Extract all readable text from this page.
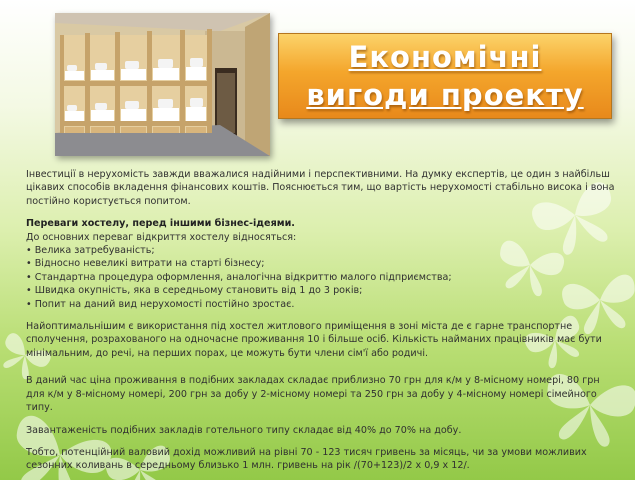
Економічні
вигоди проекту

Інвестиції в нерухомість завжди вважалися надійними і перспективними. На думку експертів, це один з найбільш цікавих способів вкладення фінансових коштів. Пояснюється тим, що вартість нерухомості стабільно висока і вона постійно користується попитом.

Переваги хостелу, перед іншими бізнес-ідеями.

До основних переваг відкриття хостелу відносяться:

• Велика затребуваність;

• Відносно невеликі витрати на старті бізнесу;

• Стандартна процедура оформлення, аналогічна відкриттю малого підприємства;

• Швидка окупність, яка в середньому становить від 1 до 3 років;

• Попит на даний вид нерухомості постійно зростає.

Найоптимальнішим є використання під хостел житлового приміщення в зоні міста де є гарне транспортне сполучення, розрахованого на одночасне проживання 10 і більше осіб. Кількість найманих працівників має бути мінімальним, до речі, на перших порах, це можуть бути члени сім'ї або родичі.

В даний час ціна проживання в подібних закладах складає приблизно 70 грн для к/м у 8-місному номері, 80 грн для к/м у 8-місному номері, 200 грн за добу у 2-місному номері та 250 грн за добу у 4-місному номері сімейного типу.

Завантаженість подібних закладів готельного типу складає від 40% до 70% на добу.

Тобто, потенційний валовий дохід можливий на рівні 70 - 123 тисяч гривень за місяць, чи за умови можливих сезонних коливань в середньому близько 1 млн. гривень на рік /(70+123)/2 х 0,9 х 12/.
